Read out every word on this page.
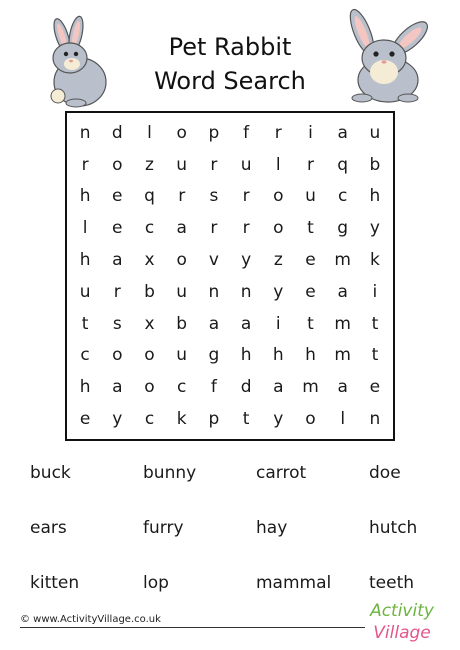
Pet Rabbit
Word Search
n	d	l	o	p	f	r	i	a	u
r	o	z	u	r	u	l	r	q	b
h	e	q	r	s	r	o	u	c	h
l	e	c	a	r	r	o	t	g	y
h	a	x	o	v	y	z	e	m	k
u	r	b	u	n	n	y	e	a	i
t	s	x	b	a	a	i	t	m	t
c	o	o	u	g	h	h	h	m	t
h	a	o	c	f	d	a	m	a	e
e	y	c	k	p	t	y	o	l	n
buck	bunny	carrot	doe
ears	furry	hay	hutch
kitten	lop	mammal	teeth
© www.ActivityVillage.co.uk	Activity
Village
